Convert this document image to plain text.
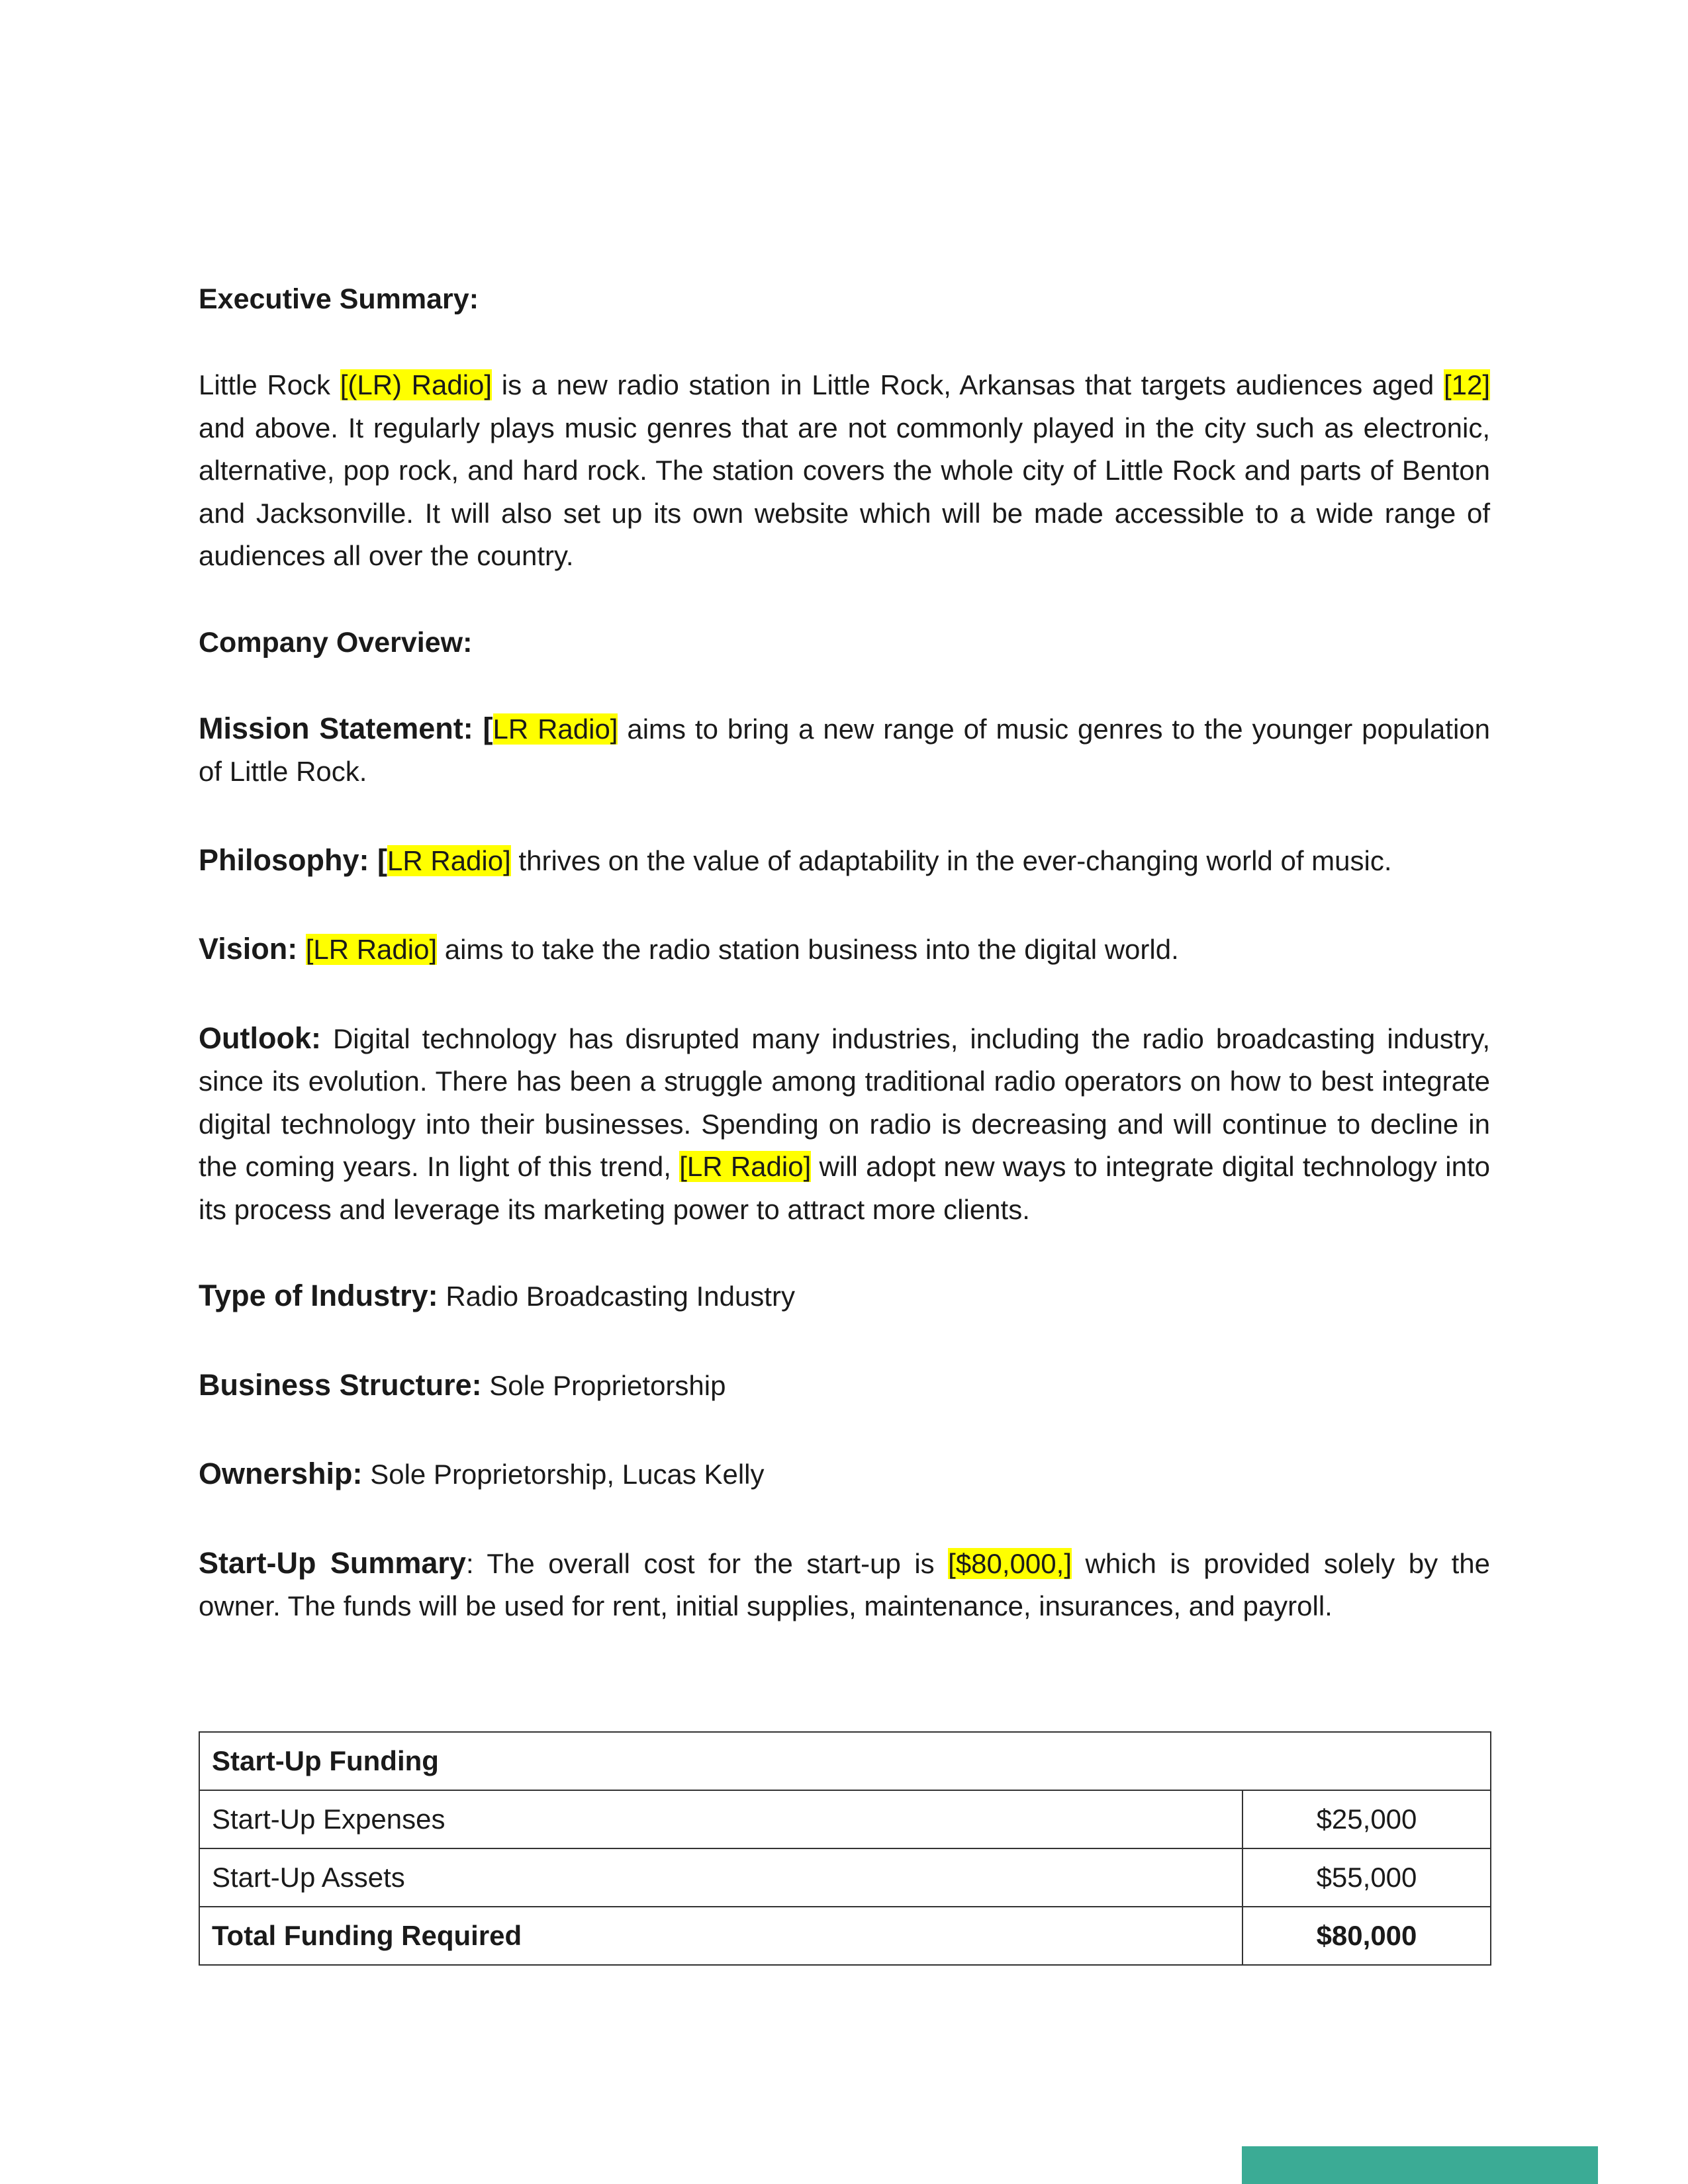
Executive Summary:

Little Rock [(LR) Radio] is a new radio station in Little Rock, Arkansas that targets audiences aged [12] and above. It regularly plays music genres that are not commonly played in the city such as electronic, alternative, pop rock, and hard rock. The station covers the whole city of Little Rock and parts of Benton and Jacksonville. It will also set up its own website which will be made accessible to a wide range of audiences all over the country.

Company Overview:

Mission Statement: [LR Radio] aims to bring a new range of music genres to the younger population of Little Rock.

Philosophy: [LR Radio] thrives on the value of adaptability in the ever-changing world of music.

Vision: [LR Radio] aims to take the radio station business into the digital world.

Outlook: Digital technology has disrupted many industries, including the radio broadcasting industry, since its evolution. There has been a struggle among traditional radio operators on how to best integrate digital technology into their businesses. Spending on radio is decreasing and will continue to decline in the coming years. In light of this trend, [LR Radio] will adopt new ways to integrate digital technology into its process and leverage its marketing power to attract more clients.

Type of Industry: Radio Broadcasting Industry

Business Structure: Sole Proprietorship

Ownership: Sole Proprietorship, Lucas Kelly

Start-Up Summary: The overall cost for the start-up is [$80,000,] which is provided solely by the owner. The funds will be used for rent, initial supplies, maintenance, insurances, and payroll.

Start-Up Funding	
Start-Up Expenses	$25,000
Start-Up Assets	$55,000
Total Funding Required	$80,000
